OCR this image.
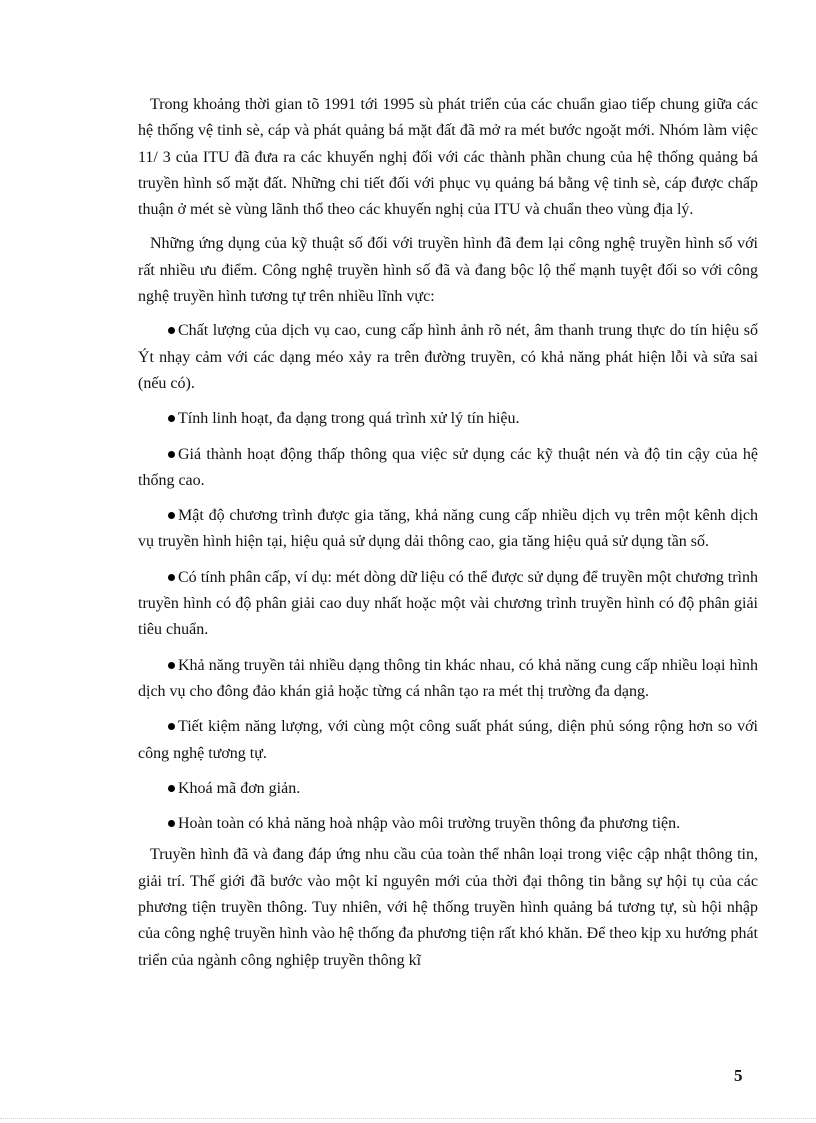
Trong khoảng thời gian tõ 1991 tới 1995 sù phát triển của các chuẩn giao tiếp chung giữa các hệ thống vệ tinh sè, cáp và phát quảng bá mặt đất đã mở ra mét bước ngoặt mới. Nhóm làm việc 11/ 3 của ITU đã đưa ra các khuyến nghị đối với các thành phần chung của hệ thống quảng bá truyền hình số mặt đất. Những chi tiết đối với phục vụ quảng bá bằng vệ tinh sè, cáp được chấp thuận ở mét sè vùng lãnh thổ theo các khuyến nghị của ITU và chuẩn theo vùng địa lý.

Những ứng dụng của kỹ thuật số đối với truyền hình đã đem lại công nghệ truyền hình số với rất nhiều ưu điểm. Công nghệ truyền hình số đã và đang bộc lộ thế mạnh tuyệt đối so với công nghệ truyền hình tương tự trên nhiều lĩnh vực:

Chất lượng của dịch vụ cao, cung cấp hình ảnh rõ nét, âm thanh trung thực do tín hiệu số Ýt nhạy cảm với các dạng méo xảy ra trên đường truyền, có khả năng phát hiện lỗi và sửa sai (nếu có).
Tính linh hoạt, đa dạng trong quá trình xử lý tín hiệu.
Giá thành hoạt động thấp thông qua việc sử dụng các kỹ thuật nén và độ tin cậy của hệ thống cao.
Mật độ chương trình được gia tăng, khả năng cung cấp nhiều dịch vụ trên một kênh dịch vụ truyền hình hiện tại, hiệu quả sử dụng dải thông cao, gia tăng hiệu quả sử dụng tần số.
Có tính phân cấp, ví dụ: mét dòng dữ liệu có thể được sử dụng để truyền một chương trình truyền hình có độ phân giải cao duy nhất hoặc một vài chương trình truyền hình có độ phân giải tiêu chuẩn.
Khả năng truyền tải nhiều dạng thông tin khác nhau, có khả năng cung cấp nhiều loại hình dịch vụ cho đông đảo khán giả hoặc từng cá nhân tạo ra mét thị trường đa dạng.
Tiết kiệm năng lượng, với cùng một công suất phát súng, diện phủ sóng rộng hơn so với công nghệ tương tự.
Khoá mã đơn giản.
Hoàn toàn có khả năng hoà nhập vào môi trường truyền thông đa phương tiện.

Truyền hình đã và đang đáp ứng nhu cầu của toàn thể nhân loại trong việc cập nhật thông tin, giải trí. Thế giới đã bước vào một kỉ nguyên mới của thời đại thông tin bằng sự hội tụ của các phương tiện truyền thông. Tuy nhiên, với hệ thống truyền hình quảng bá tương tự, sù hội nhập của công nghệ truyền hình vào hệ thống đa phương tiện rất khó khăn. Để theo kịp xu hướng phát triển của ngành công nghiệp truyền thông kĩ

5
